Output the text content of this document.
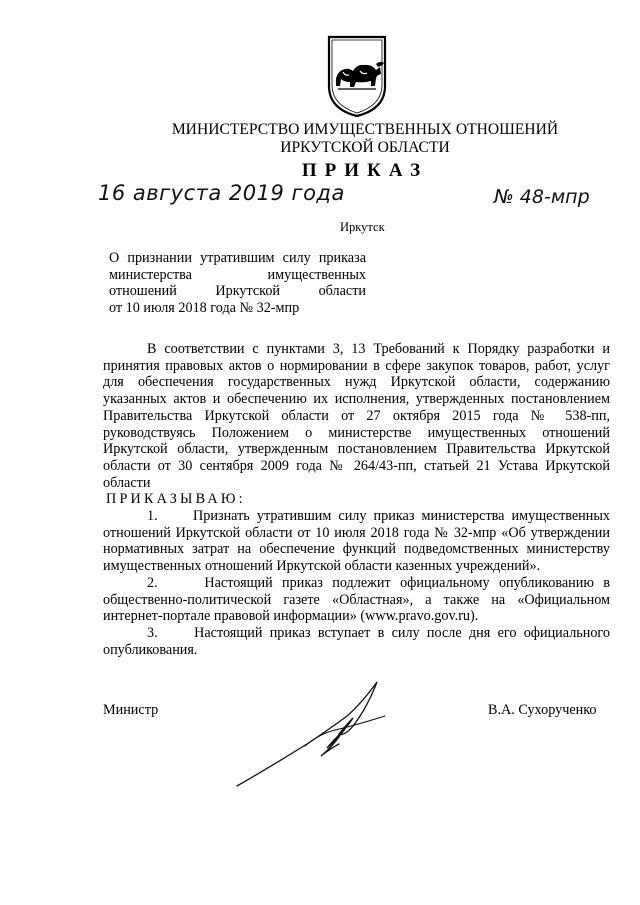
МИНИСТЕРСТВО ИМУЩЕСТВЕННЫХ ОТНОШЕНИЙ
ИРКУТСКОЙ ОБЛАСТИ
ПРИКАЗ
16 августа 2019 года	№ 48-мпр
Иркутск
О признании утратившим силу приказа
министерства имущественных
отношений Иркутской области
от 10 июля 2018 года № 32-мпр

В соответствии с пунктами 3, 13 Требований к Порядку разработки и принятия правовых актов о нормировании в сфере закупок товаров, работ, услуг для обеспечения государственных нужд Иркутской области, содержанию указанных актов и обеспечению их исполнения, утвержденных постановлением Правительства Иркутской области от 27 октября 2015 года № 538-пп, руководствуясь Положением о министерстве имущественных отношений Иркутской области, утвержденным постановлением Правительства Иркутской области от 30 сентября 2009 года № 264/43-пп, статьей 21 Устава Иркутской области

ПРИКАЗЫВАЮ:

1.     Признать утратившим силу приказ министерства имущественных отношений Иркутской области от 10 июля 2018 года № 32-мпр «Об утверждении нормативных затрат на обеспечение функций подведомственных министерству имущественных отношений Иркутской области казенных учреждений».

2.     Настоящий приказ подлежит официальному опубликованию в общественно-политической газете «Областная», а также на «Официальном интернет-портале правовой информации» (www.pravo.gov.ru).

3.     Настоящий приказ вступает в силу после дня его официального опубликования.

Министр	В.А. Сухорученко
